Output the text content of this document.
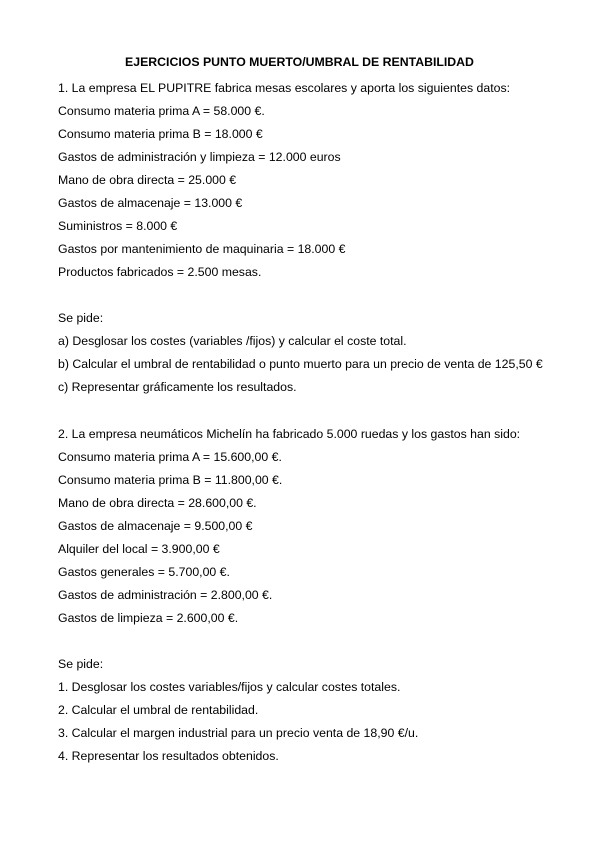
EJERCICIOS PUNTO MUERTO/UMBRAL DE RENTABILIDAD
1. La empresa EL PUPITRE fabrica mesas escolares y aporta los siguientes datos:
Consumo materia prima A = 58.000 €.
Consumo materia prima B = 18.000 €
Gastos de administración y limpieza = 12.000 euros
Mano de obra directa = 25.000 €
Gastos de almacenaje = 13.000 €
Suministros = 8.000 €
Gastos por mantenimiento de maquinaria = 18.000 €
Productos fabricados = 2.500 mesas.
Se pide:
a) Desglosar los costes (variables /fijos) y calcular el coste total.
b) Calcular el umbral de rentabilidad o punto muerto para un precio de venta de 125,50 €
c) Representar gráficamente los resultados.
2. La empresa neumáticos Michelín ha fabricado 5.000 ruedas y los gastos han sido:
Consumo materia prima A = 15.600,00 €.
Consumo materia prima B = 11.800,00 €.
Mano de obra directa = 28.600,00 €.
Gastos de almacenaje = 9.500,00 €
Alquiler del local = 3.900,00 €
Gastos generales = 5.700,00 €.
Gastos de administración = 2.800,00 €.
Gastos de limpieza = 2.600,00 €.
Se pide:
1. Desglosar los costes variables/fijos y calcular costes totales.
2. Calcular el umbral de rentabilidad.
3. Calcular el margen industrial para un precio venta de 18,90 €/u.
4. Representar los resultados obtenidos.
